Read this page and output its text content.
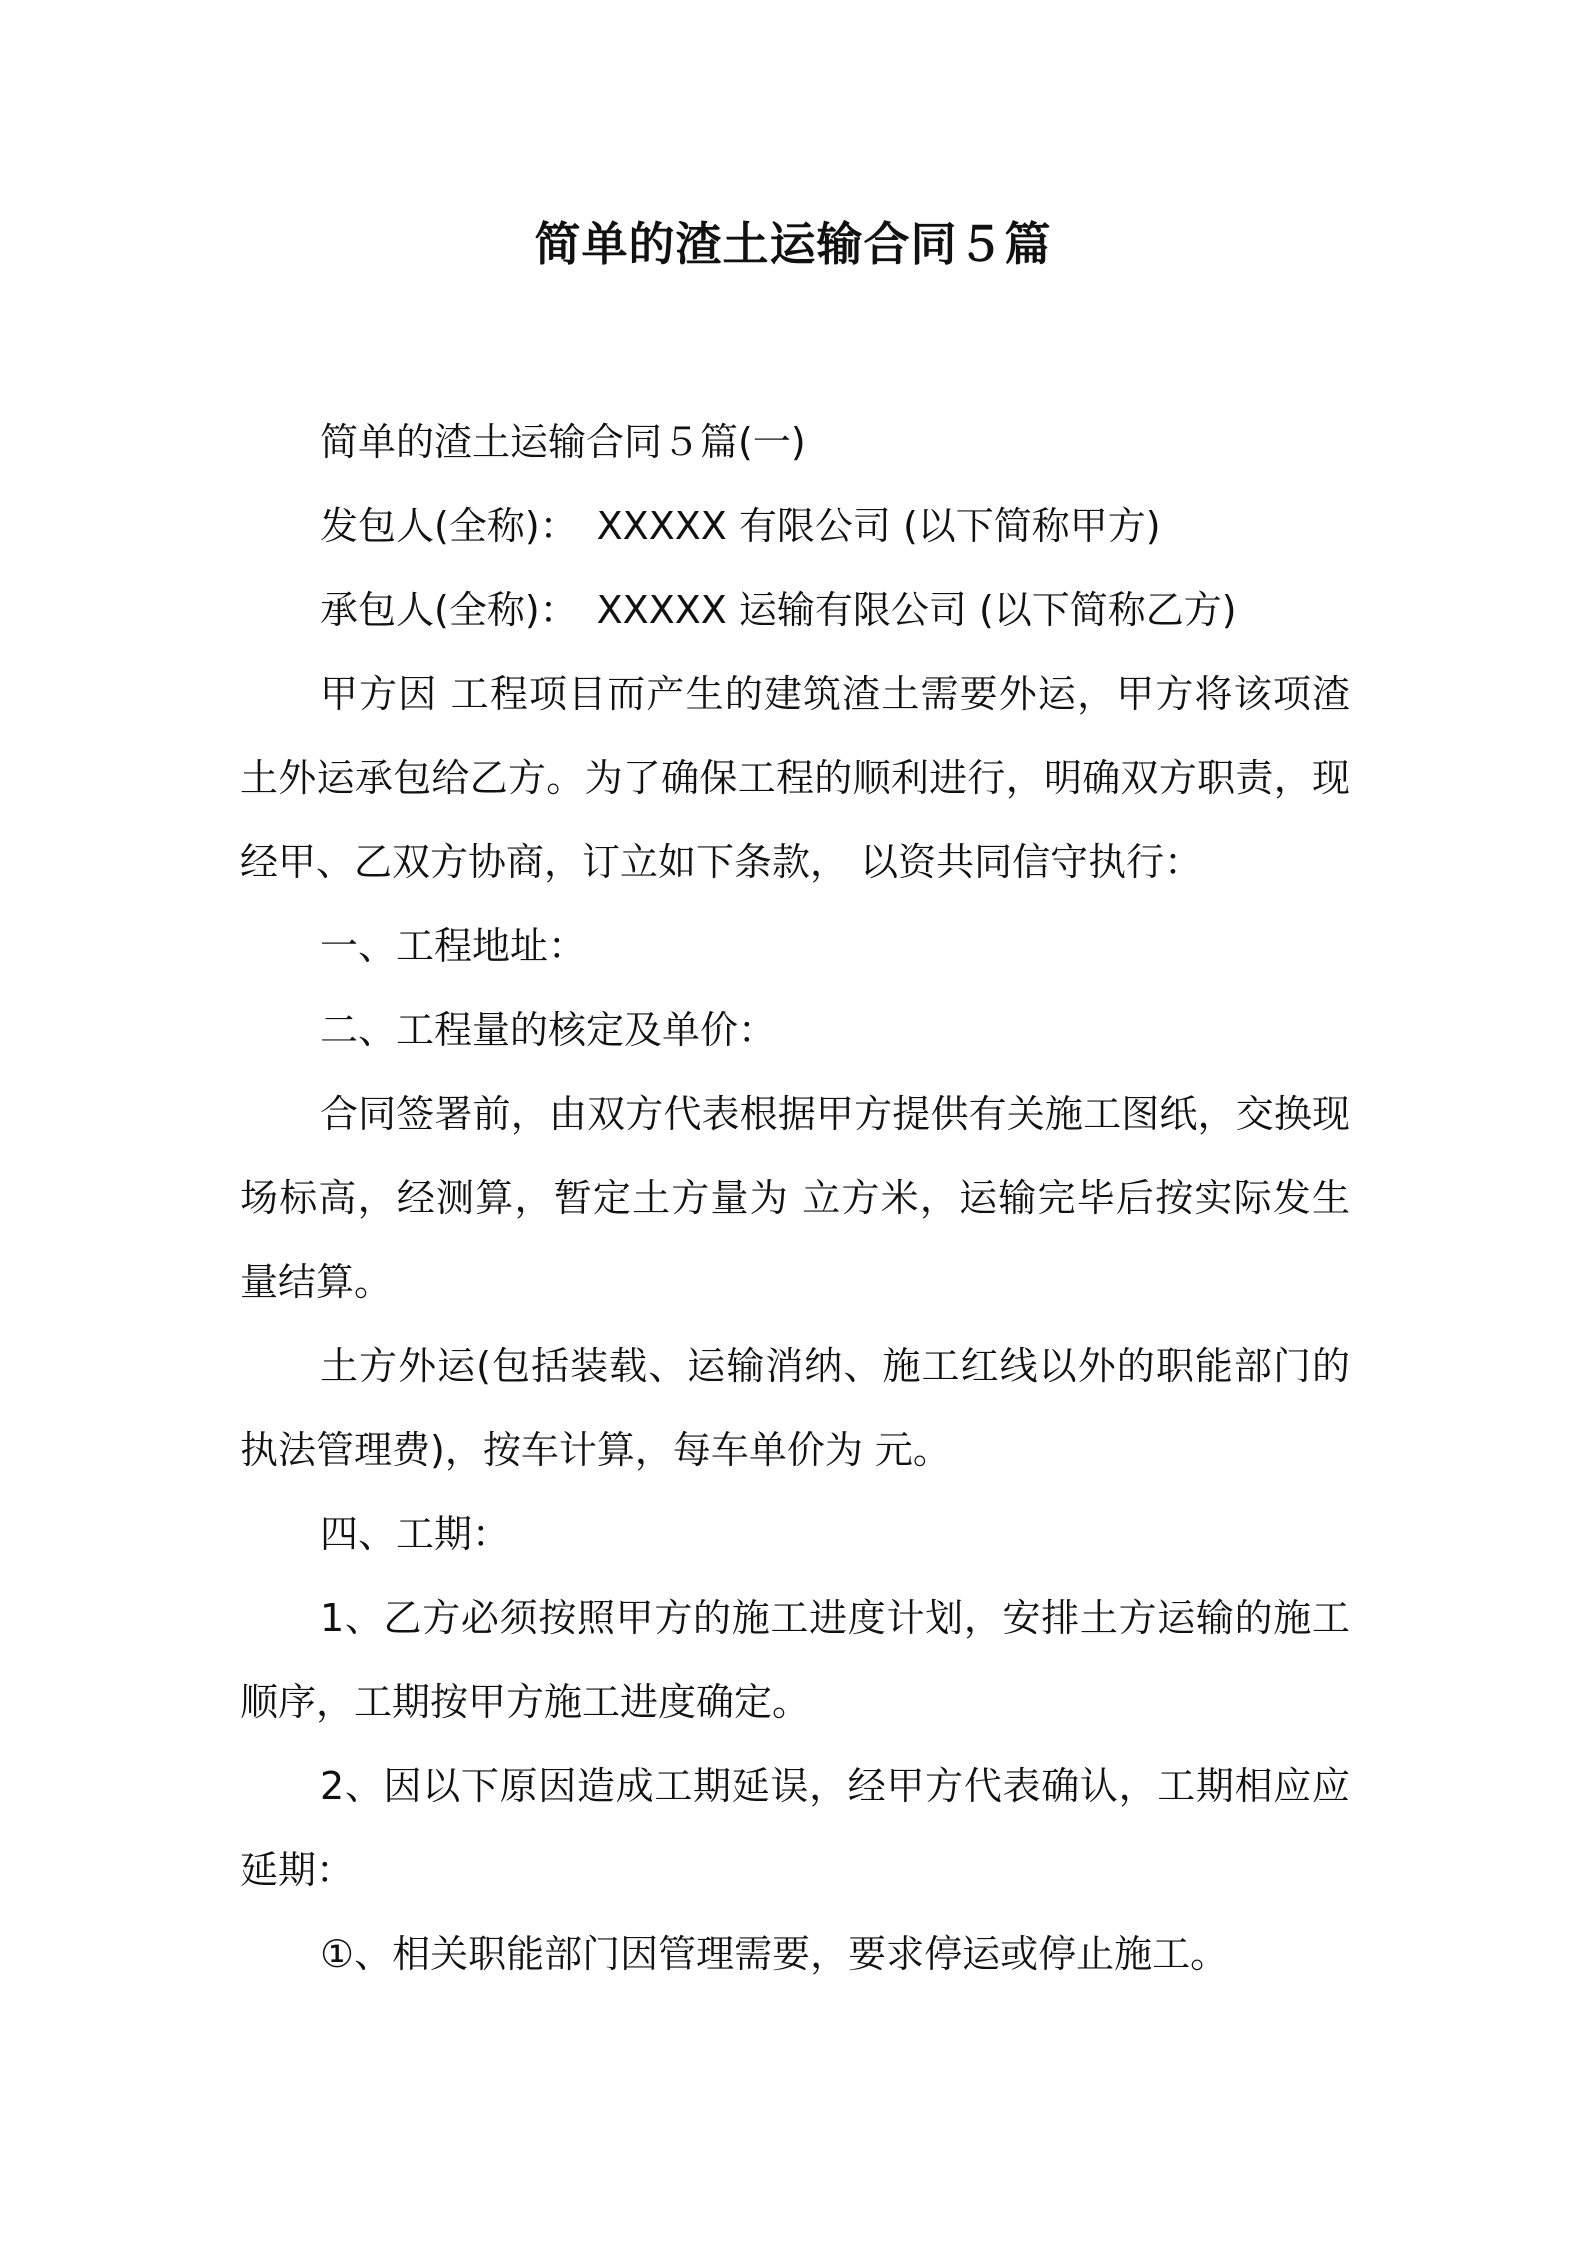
简单的渣土运输合同５篇

简单的渣土运输合同５篇(一)

发包人(全称)：　XXXXX 有限公司 (以下简称甲方)

承包人(全称)：　XXXXX 运输有限公司 (以下简称乙方)

甲方因 工程项目而产生的建筑渣土需要外运，甲方将该项渣土外运承包给乙方。为了确保工程的顺利进行，明确双方职责，现经甲、乙双方协商，订立如下条款， 以资共同信守执行：

一、工程地址：

二、工程量的核定及单价：

合同签署前，由双方代表根据甲方提供有关施工图纸，交换现场标高，经测算，暂定土方量为 立方米，运输完毕后按实际发生量结算。

土方外运(包括装载、运输消纳、施工红线以外的职能部门的执法管理费)，按车计算，每车单价为 元。

四、工期：

1、乙方必须按照甲方的施工进度计划，安排土方运输的施工顺序，工期按甲方施工进度确定。

2、因以下原因造成工期延误，经甲方代表确认，工期相应应延期：

①、相关职能部门因管理需要，要求停运或停止施工。
